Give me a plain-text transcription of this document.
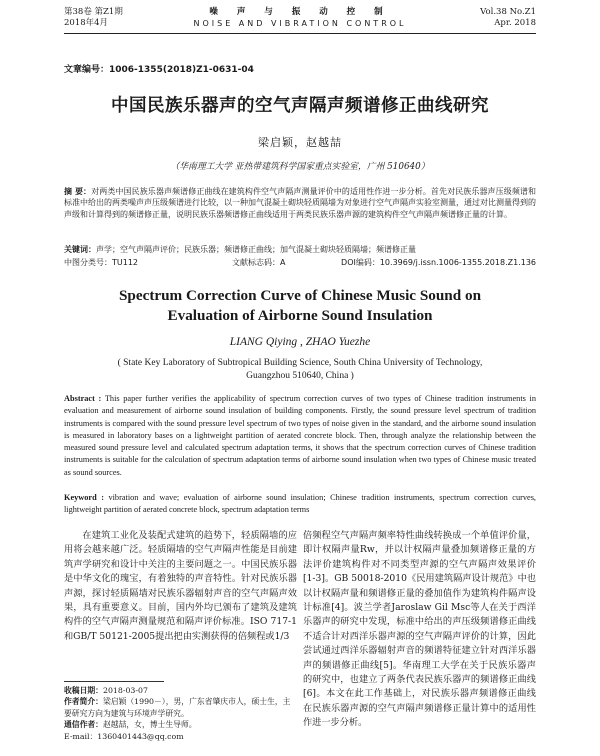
第38卷 第Z1期
2018年4月
噪 声 与 振 动 控 制
NOISE AND VIBRATION CONTROL
Vol.38 No.Z1
Apr. 2018
文章编号：1006-1355(2018)Z1-0631-04
中国民族乐器声的空气声隔声频谱修正曲线研究
梁启颖，赵越喆
（华南理工大学 亚热带建筑科学国家重点实验室，广州 510640）
摘 要：对两类中国民族乐器声频谱修正曲线在建筑构件空气声隔声测量评价中的适用性作进一步分析。首先对民族乐器声压级频谱和标准中给出的两类噪声声压级频谱进行比较，以一种加气混凝土砌块轻质隔墙为对象进行空气声隔声实验室测量，通过对比测量得到的声级和计算得到的频谱修正量，说明民族乐器频谱修正曲线适用于两类民族乐器声源的建筑构件空气声隔声频谱修正量的计算。
关键词：声学；空气声隔声评价；民族乐器；频谱修正曲线；加气混凝土砌块轻质隔墙；频谱修正量
中图分类号：TU112	文献标志码：A	DOI编码：10.3969/j.issn.1006-1355.2018.Z1.136
Spectrum Correction Curve of Chinese Music Sound on
Evaluation of Airborne Sound Insulation
LIANG Qiying , ZHAO Yuezhe
( State Key Laboratory of Subtropical Building Science, South China University of Technology,
Guangzhou 510640, China )
Abstract : This paper further verifies the applicability of spectrum correction curves of two types of Chinese tradition instruments in evaluation and measurement of airborne sound insulation of building components. Firstly, the sound pressure level spectrum of tradition instruments is compared with the sound pressure level spectrum of two types of noise given in the standard, and the airborne sound insulation is measured in laboratory bases on a lightweight partition of aerated concrete block. Then, through analyze the relationship between the measured sound pressure level and calculated spectrum adaptation terms, it shows that the spectrum correction curves of Chinese tradition instruments is suitable for the calculation of spectrum adaptation terms of airborne sound insulation when two types of Chinese music treated as sound sources.
Keyword : vibration and wave; evaluation of airborne sound insulation; Chinese tradition instruments, spectrum correction curves, lightweight partition of aerated concrete block, spectrum adaptation terms

在建筑工业化及装配式建筑的趋势下，轻质隔墙的应用将会越来越广泛。轻质隔墙的空气声隔声性能是目前建筑声学研究和设计中关注的主要问题之一。中国民族乐器是中华文化的瑰宝，有着独特的声音特性。针对民族乐器声源，探讨轻质隔墙对民族乐器辐射声音的空气声隔声效果，具有重要意义。目前，国内外均已颁布了建筑及建筑构件的空气声隔声测量规范和隔声评价标准。ISO 717-1和GB/T 50121-2005提出把由实测获得的倍频程或1/3

倍频程空气声隔声频率特性曲线转换成一个单值评价量，即计权隔声量Rw，并以计权隔声量叠加频谱修正量的方法评价建筑构件对不同类型声源的空气声隔声效果评价[1-3]。GB 50018-2010《民用建筑隔声设计规范》中也以计权隔声量和频谱修正量的叠加值作为建筑构件隔声设计标准[4]。波兰学者Jaroslaw Gil Msc等人在关于西洋乐器声的研究中发现，标准中给出的声压级频谱修正曲线不适合计对西洋乐器声源的空气声隔声评价的计算，因此尝试通过西洋乐器辐射声音的频谱特征建立针对西洋乐器声的频谱修正曲线[5]。华南理工大学在关于民族乐器声的研究中，也建立了两条代表民族乐器声的频谱修正曲线[6]。本文在此工作基础上，对民族乐器声频谱修正曲线在民族乐器声源的空气声隔声频谱修正量计算中的适用性作进一步分析。

收稿日期：2018-03-07
作者简介：梁启颖（1990－），男，广东省肇庆市人，硕士生，主要研究方向为建筑与环境声学研究。
通信作者：赵越喆，女，博士生导师。
E-mail：1360401443@qq.com
